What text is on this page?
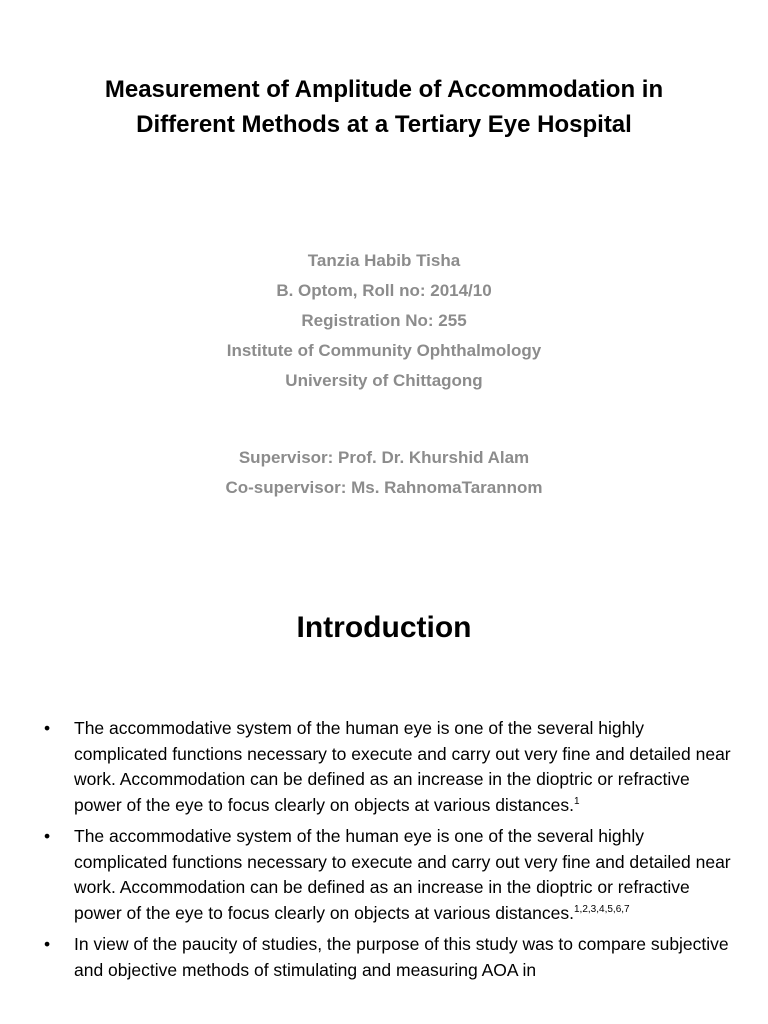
Measurement of Amplitude of Accommodation in
Different Methods at a Tertiary Eye Hospital
Tanzia Habib Tisha
B. Optom, Roll no: 2014/10
Registration No: 255
Institute of Community Ophthalmology
University of Chittagong
Supervisor: Prof. Dr. Khurshid Alam
Co-supervisor: Ms. RahnomaTarannom
Introduction
• The accommodative system of the human eye is one of the several highly complicated functions necessary to execute and carry out very fine and detailed near work. Accommodation can be defined as an increase in the dioptric or refractive power of the eye to focus clearly on objects at various distances.$^1$
• The accommodative system of the human eye is one of the several highly complicated functions necessary to execute and carry out very fine and detailed near work. Accommodation can be defined as an increase in the dioptric or refractive power of the eye to focus clearly on objects at various distances.$^{1,2,3,4,5,6,7}$
• In view of the paucity of studies, the purpose of this study was to compare subjective and objective methods of stimulating and measuring AOA in
